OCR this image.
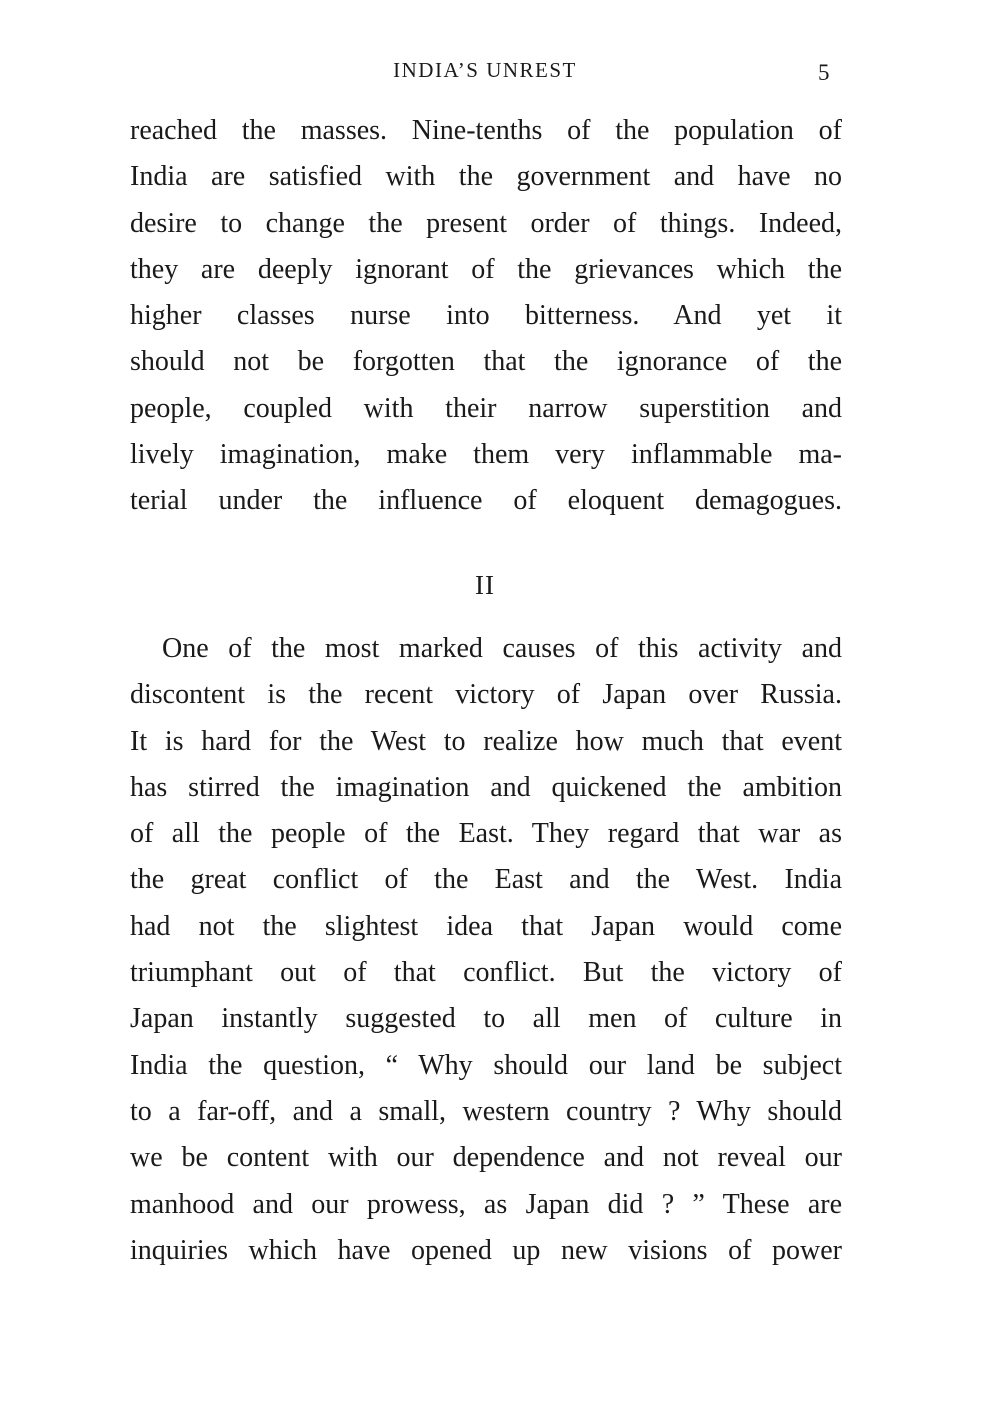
INDIA’S UNREST	5
reached the masses. Nine-tenths of the population of
India are satisfied with the government and have no
desire to change the present order of things. Indeed,
they are deeply ignorant of the grievances which the
higher classes nurse into bitterness. And yet it
should not be forgotten that the ignorance of the
people, coupled with their narrow superstition and
lively imagination, make them very inflammable ma-
terial under the influence of eloquent demagogues.
II
One of the most marked causes of this activity and
discontent is the recent victory of Japan over Russia.
It is hard for the West to realize how much that event
has stirred the imagination and quickened the ambition
of all the people of the East. They regard that war as
the great conflict of the East and the West. India
had not the slightest idea that Japan would come
triumphant out of that conflict. But the victory of
Japan instantly suggested to all men of culture in
India the question, “ Why should our land be subject
to a far-off, and a small, western country ? Why should
we be content with our dependence and not reveal our
manhood and our prowess, as Japan did ? ” These are
inquiries which have opened up new visions of power
